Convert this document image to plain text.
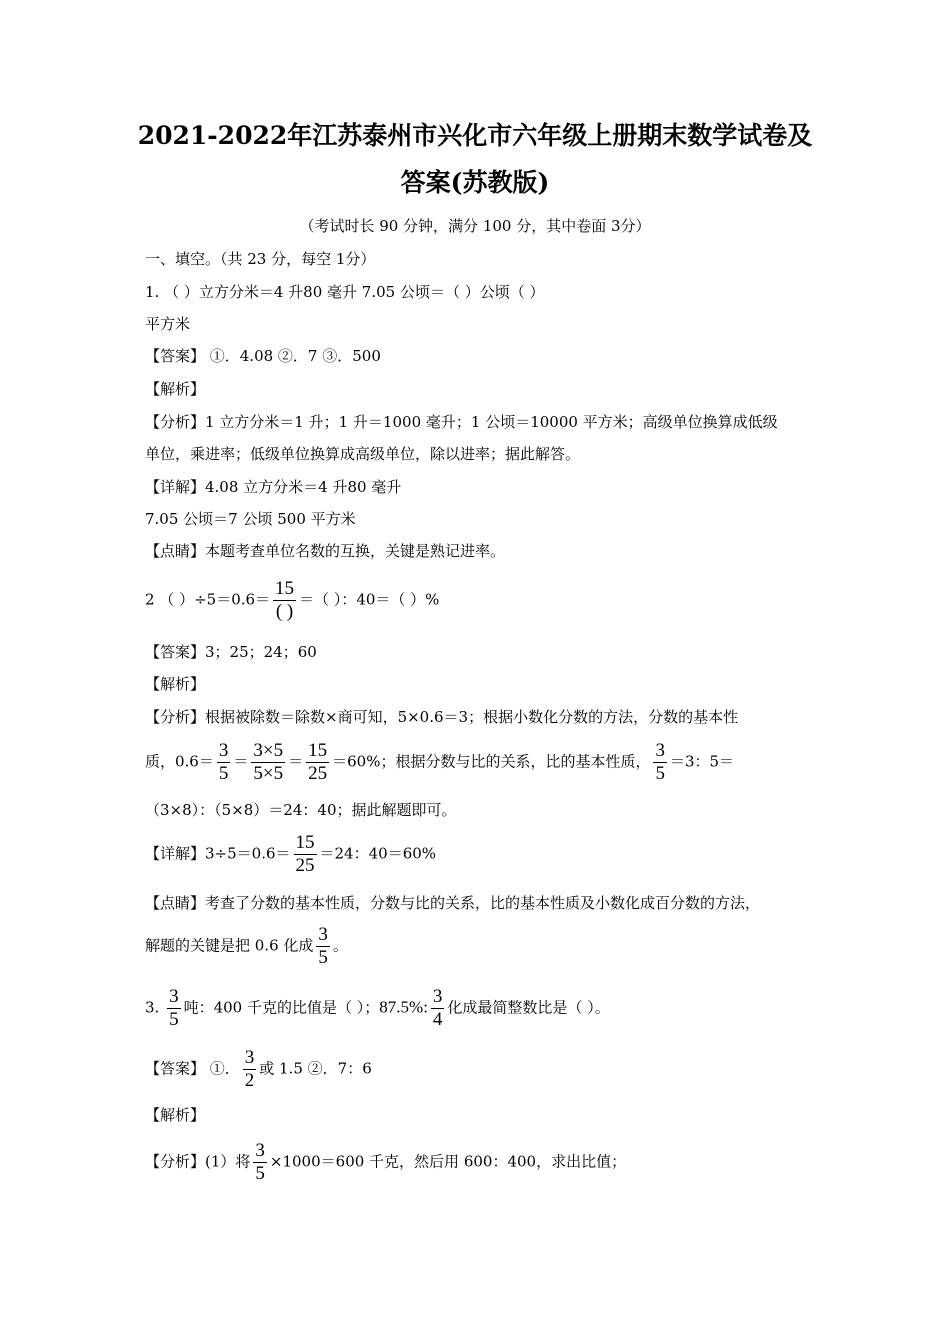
2021-2022年江苏泰州市兴化市六年级上册期末数学试卷及
答案(苏教版)
（考试时长 90 分钟，满分 100 分，其中卷面 3分）
一、填空。（共 23 分，每空 1分）
1. （ ）立方分米＝4 升80 毫升 7.05 公顷＝（ ）公顷（ ）
平方米
【答案】 ①．4.08 ②．7 ③．500
【解析】
【分析】1 立方分米＝1 升；1 升＝1000 毫升；1 公顷＝10000 平方米；高级单位换算成低级
单位，乘进率；低级单位换算成高级单位，除以进率；据此解答。
【详解】4.08 立方分米＝4 升80 毫升
7.05 公顷＝7 公顷 500 平方米
【点睛】本题考查单位名数的互换，关键是熟记进率。
2 （ ）$\div 5=0.6= \frac{15}{( )}$ ＝（ ）：40＝（ ）%
【答案】3；25；24；60
【解析】
【分析】根据被除数＝除数×商可知，5×0.6＝3；根据小数化分数的方法，分数的基本性
质，$0.6= \frac{3}{5} = \frac{3\times 5}{5\times 5} = \frac{15}{25} =60\%$；根据分数与比的关系，比的基本性质， $\frac{3}{5} =3$：5＝
（3×8）：（5×8）＝24：40；据此解题即可。
【详解】$3\div 5=0.6= \frac{15}{25} =24$：40＝60%
【点睛】考查了分数的基本性质，分数与比的关系，比的基本性质及小数化成百分数的方法，
解题的关键是把 0.6 化成 $\frac{3}{5}$ 。
3. $\frac{3}{5}$ 吨：400 千克的比值是（ ）；87.5%: $\frac{3}{4}$ 化成最简整数比是（ ）。
【答案】 ①． $\frac{3}{2}$ 或 1.5 ②．7：6
【解析】
【分析】(1）将 $\frac{3}{5} \times 1000=600$ 千克，然后用 600：400，求出比值；
